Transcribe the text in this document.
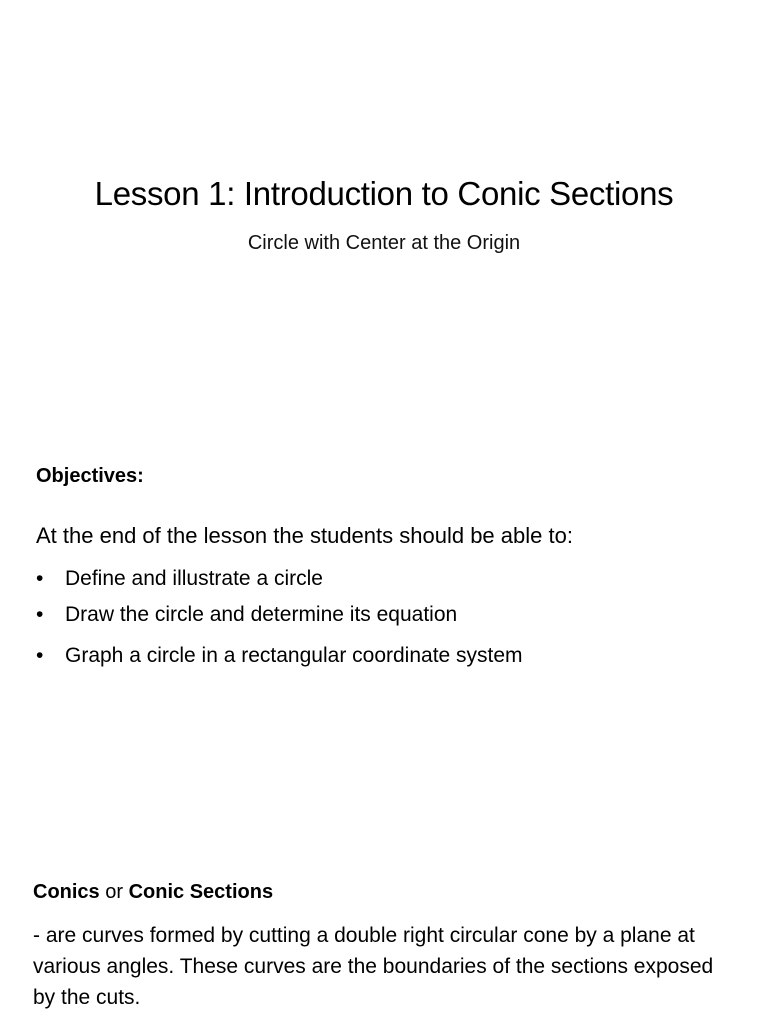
Lesson 1: Introduction to Conic Sections
Circle with Center at the Origin
Objectives:
At the end of the lesson the students should be able to:
• Define and illustrate a circle
• Draw the circle and determine its equation
• Graph a circle in a rectangular coordinate system
Conics or Conic Sections
- are curves formed by cutting a double right circular cone by a plane at various angles. These curves are the boundaries of the sections exposed by the cuts.
